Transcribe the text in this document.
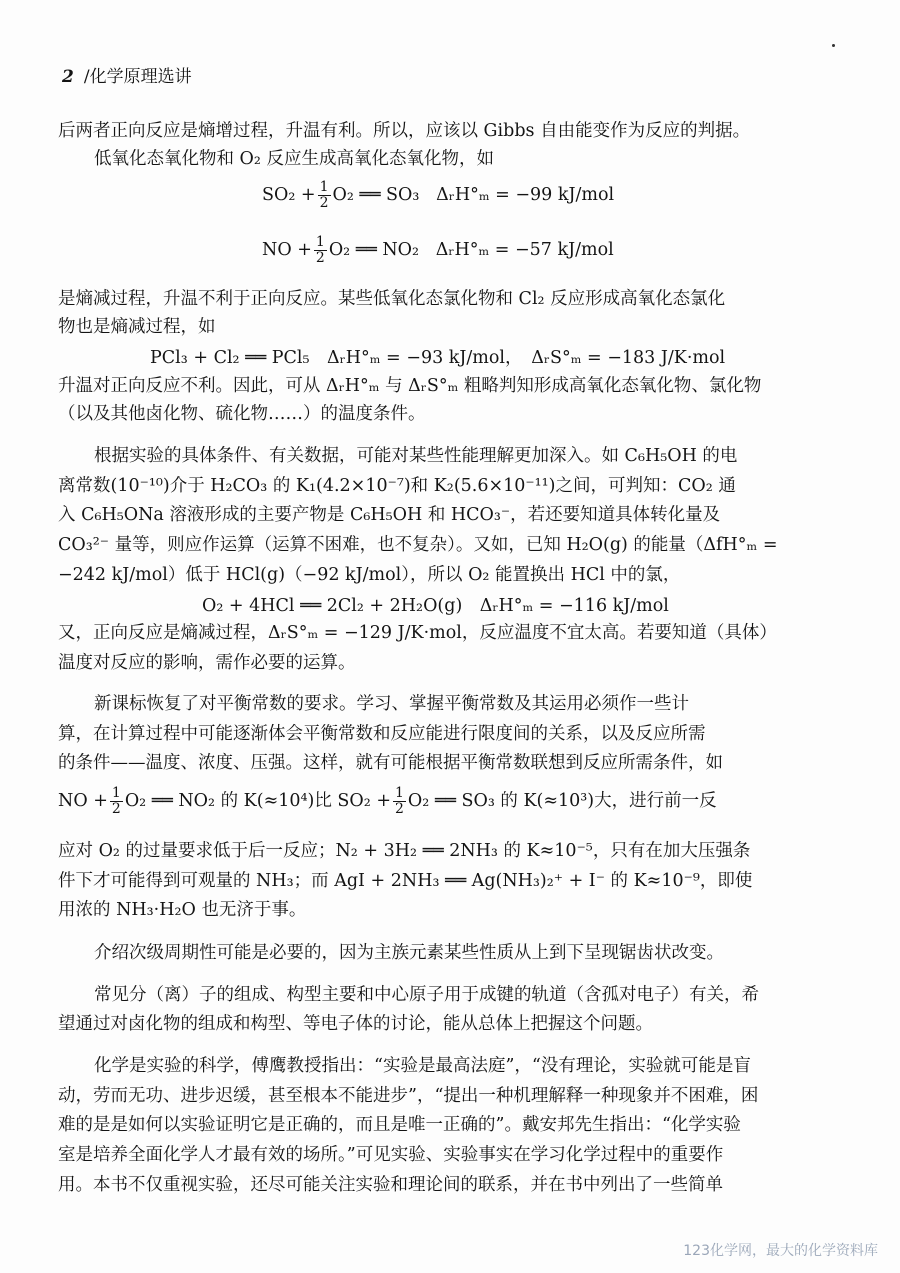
2 /化学原理选讲
后两者正向反应是熵增过程，升温有利。所以，应该以 Gibbs 自由能变作为反应的判据。
低氧化态氧化物和 O₂ 反应生成高氧化态氧化物，如
$SO_2 + \frac{1}{2} O_2$ ══ SO₃ ΔᵣH°ₘ = −99 kJ/mol
NO + $\frac{1}{2} O_2$ ══ NO₂ ΔᵣH°ₘ = −57 kJ/mol
是熵减过程，升温不利于正向反应。某些低氧化态氯化物和 Cl₂ 反应形成高氧化态氯化
物也是熵减过程，如
PCl₃ + Cl₂ ══ PCl₅　ΔᵣH°ₘ = −93 kJ/mol，　ΔᵣS°ₘ = −183 J/K·mol
升温对正向反应不利。因此，可从 ΔᵣH°ₘ 与 ΔᵣS°ₘ 粗略判知形成高氧化态氧化物、氯化物
（以及其他卤化物、硫化物……）的温度条件。
根据实验的具体条件、有关数据，可能对某些性能理解更加深入。如 C₆H₅OH 的电
离常数(10⁻¹⁰)介于 H₂CO₃ 的 K₁(4.2×10⁻⁷)和 K₂(5.6×10⁻¹¹)之间，可判知：CO₂ 通
入 C₆H₅ONa 溶液形成的主要产物是 C₆H₅OH 和 HCO₃⁻，若还要知道具体转化量及
CO₃²⁻ 量等，则应作运算（运算不困难，也不复杂）。又如，已知 H₂O(g) 的能量（ΔfH°ₘ =
−242 kJ/mol）低于 HCl(g)（−92 kJ/mol），所以 O₂ 能置换出 HCl 中的氯，
O₂ + 4HCl ══ 2Cl₂ + 2H₂O(g)　ΔᵣH°ₘ = −116 kJ/mol
又，正向反应是熵减过程，ΔᵣS°ₘ = −129 J/K·mol，反应温度不宜太高。若要知道（具体）
温度对反应的影响，需作必要的运算。
新课标恢复了对平衡常数的要求。学习、掌握平衡常数及其运用必须作一些计
算，在计算过程中可能逐渐体会平衡常数和反应能进行限度间的关系，以及反应所需
的条件——温度、浓度、压强。这样，就有可能根据平衡常数联想到反应所需条件，如
NO + $\frac{1}{2} O_2$ ══ NO₂ 的 K(≈10⁴)比 $SO_2 + \frac{1}{2} O_2$ ══ SO₃ 的 K(≈10³)大，进行前一反
应对 O₂ 的过量要求低于后一反应；N₂ + 3H₂ ══ 2NH₃ 的 K≈10⁻⁵，只有在加大压强条
件下才可能得到可观量的 NH₃；而 AgI + 2NH₃ ══ Ag(NH₃)₂⁺ + I⁻ 的 K≈10⁻⁹，即使
用浓的 NH₃·H₂O 也无济于事。
介绍次级周期性可能是必要的，因为主族元素某些性质从上到下呈现锯齿状改变。
常见分（离）子的组成、构型主要和中心原子用于成键的轨道（含孤对电子）有关，希
望通过对卤化物的组成和构型、等电子体的讨论，能从总体上把握这个问题。
化学是实验的科学，傅鹰教授指出：“实验是最高法庭”，“没有理论，实验就可能是盲
动，劳而无功、进步迟缓，甚至根本不能进步”，“提出一种机理解释一种现象并不困难，困
难的是是如何以实验证明它是正确的，而且是唯一正确的”。戴安邦先生指出：“化学实验
室是培养全面化学人才最有效的场所。”可见实验、实验事实在学习化学过程中的重要作
用。本书不仅重视实验，还尽可能关注实验和理论间的联系，并在书中列出了一些简单
123化学网，最大的化学资料库
